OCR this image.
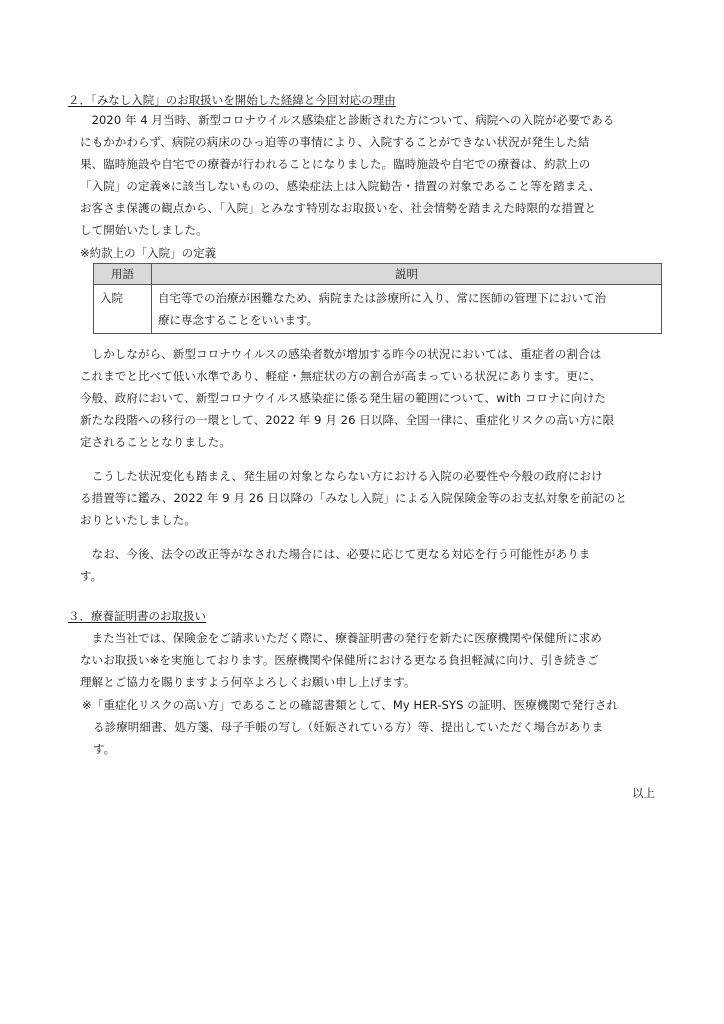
２．「みなし入院」のお取扱いを開始した経緯と今回対応の理由
　2020 年 4 月当時、新型コロナウイルス感染症と診断された方について、病院への入院が必要である
にもかかわらず、病院の病床のひっ迫等の事情により、入院することができない状況が発生した結
果、臨時施設や自宅での療養が行われることになりました。臨時施設や自宅での療養は、約款上の
「入院」の定義※に該当しないものの、感染症法上は入院勧告・措置の対象であること等を踏まえ、
お客さま保護の観点から、「入院」とみなす特別なお取扱いを、社会情勢を踏まえた時限的な措置と
して開始いたしました。
※約款上の「入院」の定義
用語	説明
入院	自宅等での治療が困難なため、病院または診療所に入り、常に医師の管理下において治
療に専念することをいいます。
　しかしながら、新型コロナウイルスの感染者数が増加する昨今の状況においては、重症者の割合は
これまでと比べて低い水準であり、軽症・無症状の方の割合が高まっている状況にあります。更に、
今般、政府において、新型コロナウイルス感染症に係る発生届の範囲について、with コロナに向けた
新たな段階への移行の一環として、2022 年 9 月 26 日以降、全国一律に、重症化リスクの高い方に限
定されることとなりました。
　こうした状況変化も踏まえ、発生届の対象とならない方における入院の必要性や今般の政府におけ
る措置等に鑑み、2022 年 9 月 26 日以降の「みなし入院」による入院保険金等のお支払対象を前記のと
おりといたしました。
　なお、今後、法令の改正等がなされた場合には、必要に応じて更なる対応を行う可能性がありま
す。
３．療養証明書のお取扱い
　また当社では、保険金をご請求いただく際に、療養証明書の発行を新たに医療機関や保健所に求め
ないお取扱い※を実施しております。医療機関や保健所における更なる負担軽減に向け、引き続きご
理解とご協力を賜りますよう何卒よろしくお願い申し上げます。
※「重症化リスクの高い方」であることの確認書類として、My HER-SYS の証明、医療機関で発行され
る診療明細書、処方箋、母子手帳の写し（妊娠されている方）等、提出していただく場合がありま
す。
以上
